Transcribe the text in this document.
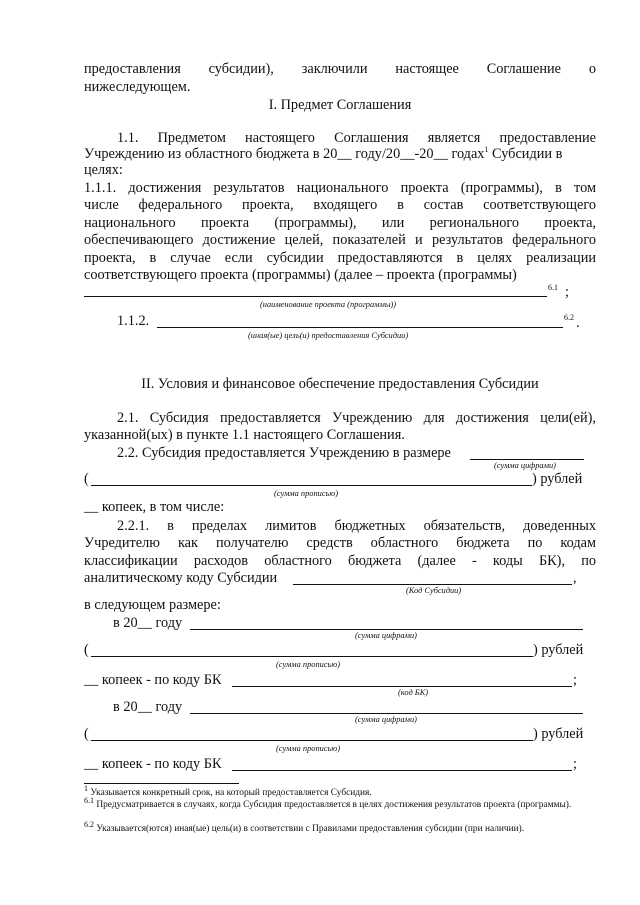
предоставления субсидии), заключили настоящее Соглашение о
нижеследующем.
I. Предмет Соглашения
1.1. Предметом настоящего Соглашения является предоставление
Учреждению из областного бюджета в 20__ году/20__-20__ годах$^1$ Субсидии в
целях:
1.1.1. достижения результатов национального проекта (программы), в том
числе федерального проекта, входящего в состав соответствующего
национального проекта (программы), или регионального проекта,
обеспечивающего достижение целей, показателей и результатов федерального
проекта, в случае если субсидии предоставляются в целях реализации
соответствующего проекта (программы) (далее – проекта (программы)
6.1 ;
(наименование проекта (программы))
1.1.2.	6.2 .
(иная(ые) цель(и) предоставления Субсидии)
II. Условия и финансовое обеспечение предоставления Субсидии
2.1. Субсидия предоставляется Учреждению для достижения цели(ей),
указанной(ых) в пункте 1.1 настоящего Соглашения.
2.2. Субсидия предоставляется Учреждению в размере
(сумма цифрами)
(	) рублей
(сумма прописью)
__ копеек, в том числе:
2.2.1. в пределах лимитов бюджетных обязательств, доведенных
Учредителю как получателю средств областного бюджета по кодам
классификации расходов областного бюджета (далее - коды БК), по
аналитическому коду Субсидии	,
(Код Субсидии)
в следующем размере:
в 20__ году
(сумма цифрами)
(	) рублей
(сумма прописью)
__ копеек - по коду БК	;
(код БК)
в 20__ году
(сумма цифрами)
(	) рублей
(сумма прописью)
__ копеек - по коду БК	;
$^1$ Указывается конкретный срок, на который предоставляется Субсидия.
$^{6.1}$ Предусматривается в случаях, когда Субсидия предоставляется в целях достижения результатов проекта (программы).
$^{6.2}$ Указывается(ются) иная(ые) цель(и) в соответствии с Правилами предоставления субсидии (при наличии).
